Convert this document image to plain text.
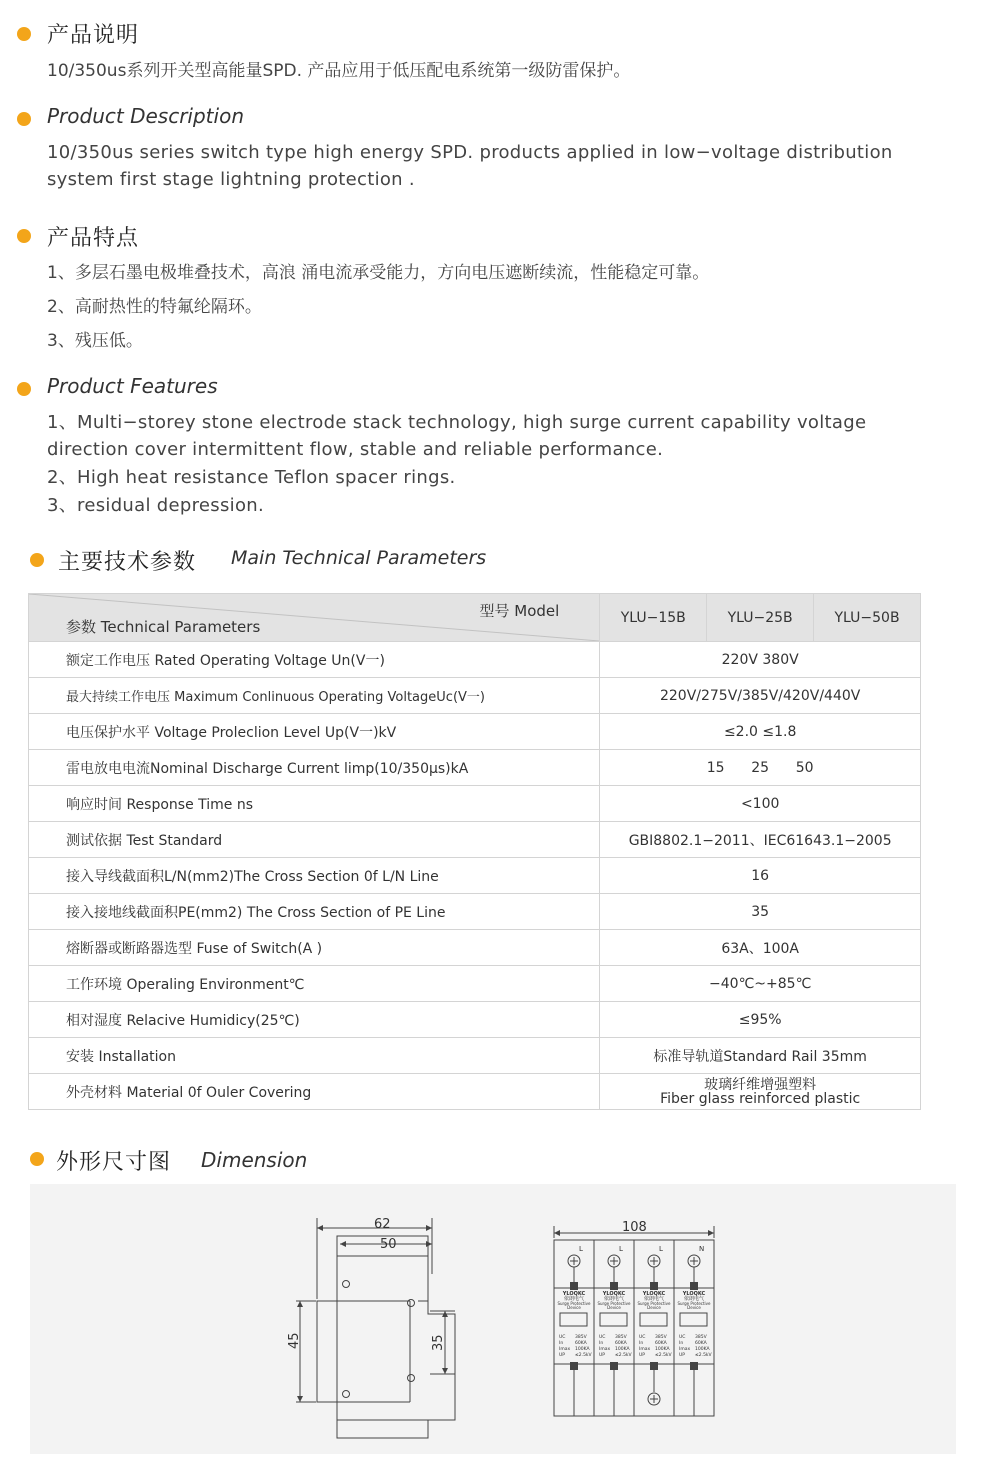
产品说明
10/350us系列开关型高能量SPD. 产品应用于低压配电系统第一级防雷保护。
Product Description
10/350us series switch type high energy SPD. products applied in low−voltage distribution
system first stage lightning protection .
产品特点
1、多层石墨电极堆叠技术，高浪 涌电流承受能力，方向电压遮断续流，性能稳定可靠。
2、高耐热性的特氟纶隔环。
3、残压低。
Product Features
1、Multi−storey stone electrode stack technology, high surge current capability voltage
direction cover intermittent flow, stable and reliable performance.
2、High heat resistance Teflon spacer rings.
3、residual depression.
主要技术参数 Main Technical Parameters
型号 Model
参数 Technical Parameters	YLU−15B	YLU−25B	YLU−50B
额定工作电压 Rated Operating Voltage Un(V一)	220V 380V		
最大持续工作电压 Maximum Conlinuous Operating VoltageUc(V一)	220V/275V/385V/420V/440V		
电压保护水平 Voltage Proleclion Level Up(V一)kV	≤2.0 ≤1.8		
雷电放电电流Nominal Discharge Current limp(10/350μs)kA	15      25      50		
响应时间 Response Time ns	<100		
测试依据 Test Standard	GBI8802.1−2011、IEC61643.1−2005		
接入导线截面积L/N(mm2)The Cross Section 0f L/N Line	16		
接入接地线截面积PE(mm2) The Cross Section of PE Line	35		
熔断器或断路器选型 Fuse of Switch(A )	63A、100A		
工作环境 Operaling Environment℃	−40℃~+85℃		
相对湿度 Relacive Humidicy(25℃)	≤95%		
安装 Installation	标准导轨道Standard Rail 35mm		
外壳材料 Material 0f Ouler Covering	玻璃纤维增强塑料
Fiber glass reinforced plastic		
外形尺寸图 Dimension
62
50
45	35
108
L	L	L	N
YLOQKC	YLOQKC	YLOQKC	YLOQKC
依朗电气	依朗电气	依朗电气	依朗电气
Surge Protective Surge Protective Surge Protective Surge Protective
Device	Device	Device	Device
UC
In
Imax
UP
385V
60KA
100KA
≤2.5kV
UC
In
Imax
UP
385V
60KA
100KA
≤2.5kV
UC
In
Imax
UP
385V
60KA
100KA
≤2.5kV
UC
In
Imax
UP
385V
60KA
100KA
≤2.5kV
